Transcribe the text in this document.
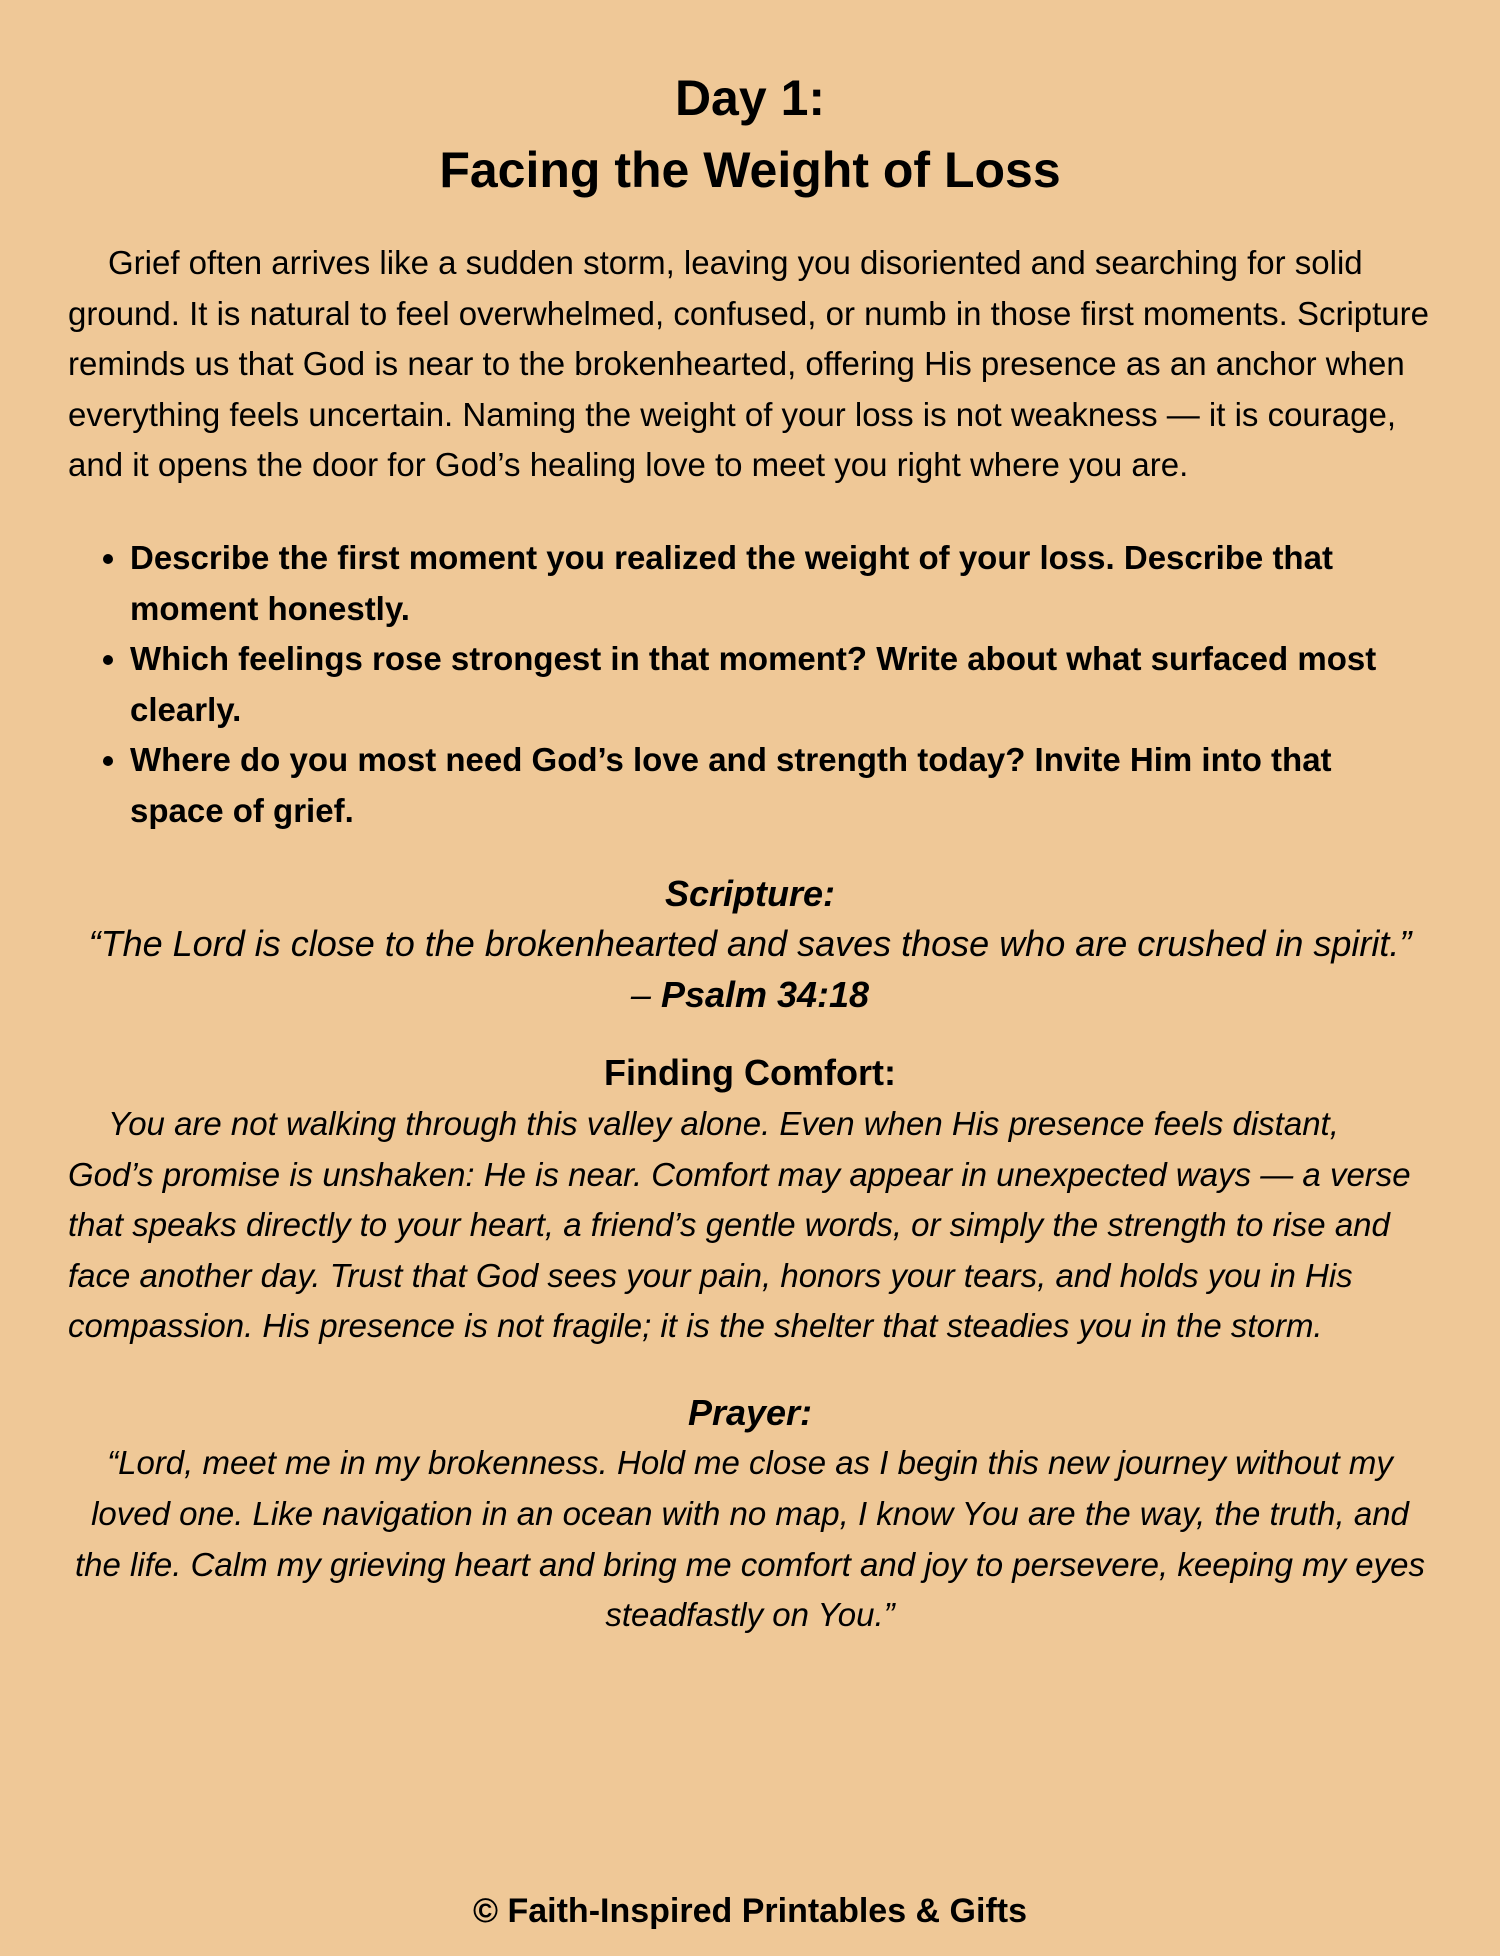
Day 1:
Facing the Weight of Loss

Grief often arrives like a sudden storm, leaving you disoriented and searching for solid ground. It is natural to feel overwhelmed, confused, or numb in those first moments. Scripture reminds us that God is near to the brokenhearted, offering His presence as an anchor when everything feels uncertain. Naming the weight of your loss is not weakness — it is courage, and it opens the door for God’s healing love to meet you right where you are.

• Describe the first moment you realized the weight of your loss. Describe that moment honestly.
• Which feelings rose strongest in that moment? Write about what surfaced most clearly.
• Where do you most need God’s love and strength today? Invite Him into that space of grief.
Scripture:

“The Lord is close to the brokenhearted and saves those who are crushed in spirit.” – Psalm 34:18

Finding Comfort:

You are not walking through this valley alone. Even when His presence feels distant, God’s promise is unshaken: He is near. Comfort may appear in unexpected ways — a verse that speaks directly to your heart, a friend’s gentle words, or simply the strength to rise and face another day. Trust that God sees your pain, honors your tears, and holds you in His compassion. His presence is not fragile; it is the shelter that steadies you in the storm.

Prayer:

“Lord, meet me in my brokenness. Hold me close as I begin this new journey without my loved one. Like navigation in an ocean with no map, I know You are the way, the truth, and the life. Calm my grieving heart and bring me comfort and joy to persevere, keeping my eyes steadfastly on You.”

© Faith-Inspired Printables & Gifts
